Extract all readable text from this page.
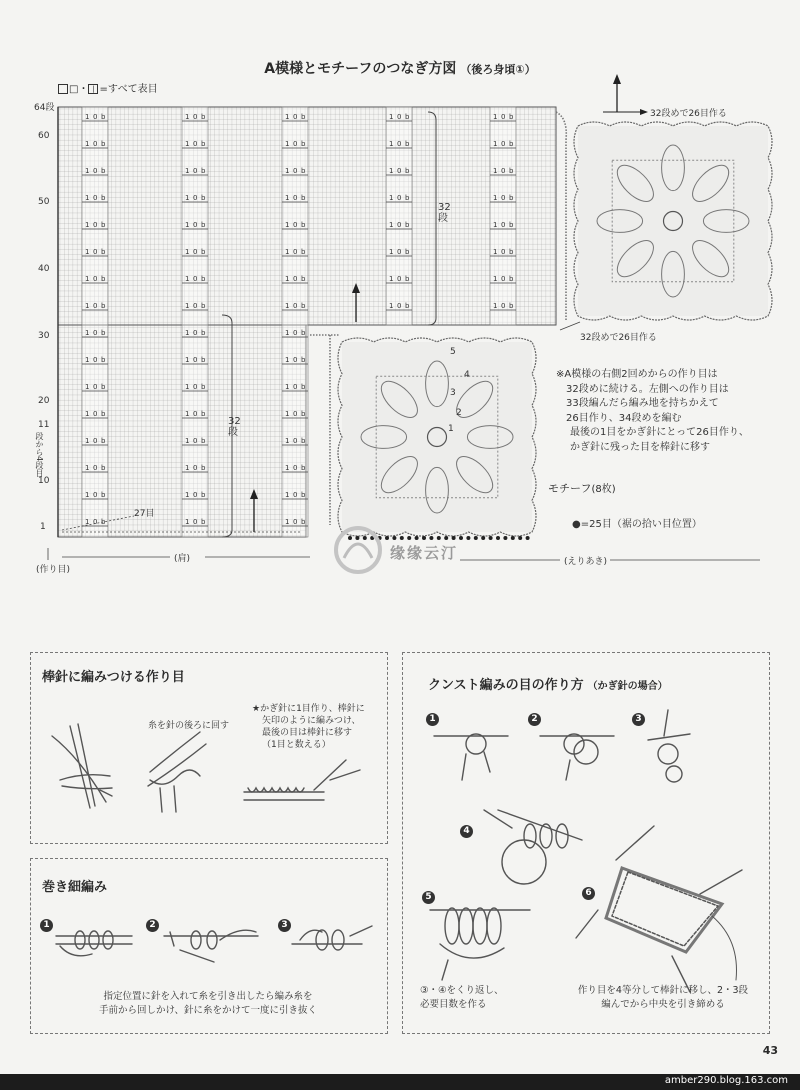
A模様とモチーフのつなぎ方図 （後ろ身頃①）
□・ | =すべて表目
1 0 b
1 0 b
1 0 b
1 0 b
1 0 b
1 0 b
1 0 b
1 0 b
1 0 b
1 0 b
1 0 b
1 0 b
1 0 b
1 0 b
1 0 b
1 0 b
1 0 b
1 0 b
1 0 b
1 0 b
1 0 b
1 0 b
1 0 b
1 0 b
1 0 b
1 0 b
1 0 b
1 0 b
1 0 b
1 0 b
1 0 b
1 0 b
1 0 b
1 0 b
1 0 b
1 0 b
1 0 b
1 0 b
1 0 b
1 0 b
1 0 b
1 0 b
1 0 b
1 0 b
1 0 b
1 0 b
1 0 b
1 0 b
1 0 b
1 0 b
1 0 b
1 0 b
1 0 b
1 0 b
1 0 b
1 0 b
1 0 b
1 0 b
1 0 b
1 0 b
1 0 b
1 0 b
1 0 b
1 0 b
64段
60
50
40
30
20
11
10
1
段から4段目
32段
32段
27目
(作り目)
(肩)	(えりあき)
32段めで26目作る
32段めで26目作る
5
4
3
2
1
※A模様の右側2回めからの作り目は
32段めに続ける。左側への作り目は
33段編んだら編み地を持ちかえて
26目作り、34段めを編む
最後の1目をかぎ針にとって26目作り、
かぎ針に残った目を棒針に移す
モチーフ(8枚)
●=25目（裾の拾い目位置）
缘缘云汀
棒針に編みつける作り目
糸を針の後ろに回す
★かぎ針に1目作り、棒針に
矢印のように編みつけ、
最後の目は棒針に移す
（1目と数える）
巻き細編み
1	2	3
指定位置に針を入れて糸を引き出したら編み糸を
手前から回しかけ、針に糸をかけて一度に引き抜く
クンスト編みの目の作り方 （かぎ針の場合）
1	2	3
4
5	6
③・④をくり返し、
必要目数を作る
作り目を4等分して棒針に移し、2・3段
編んでから中央を引き締める
43
amber290.blog.163.com
